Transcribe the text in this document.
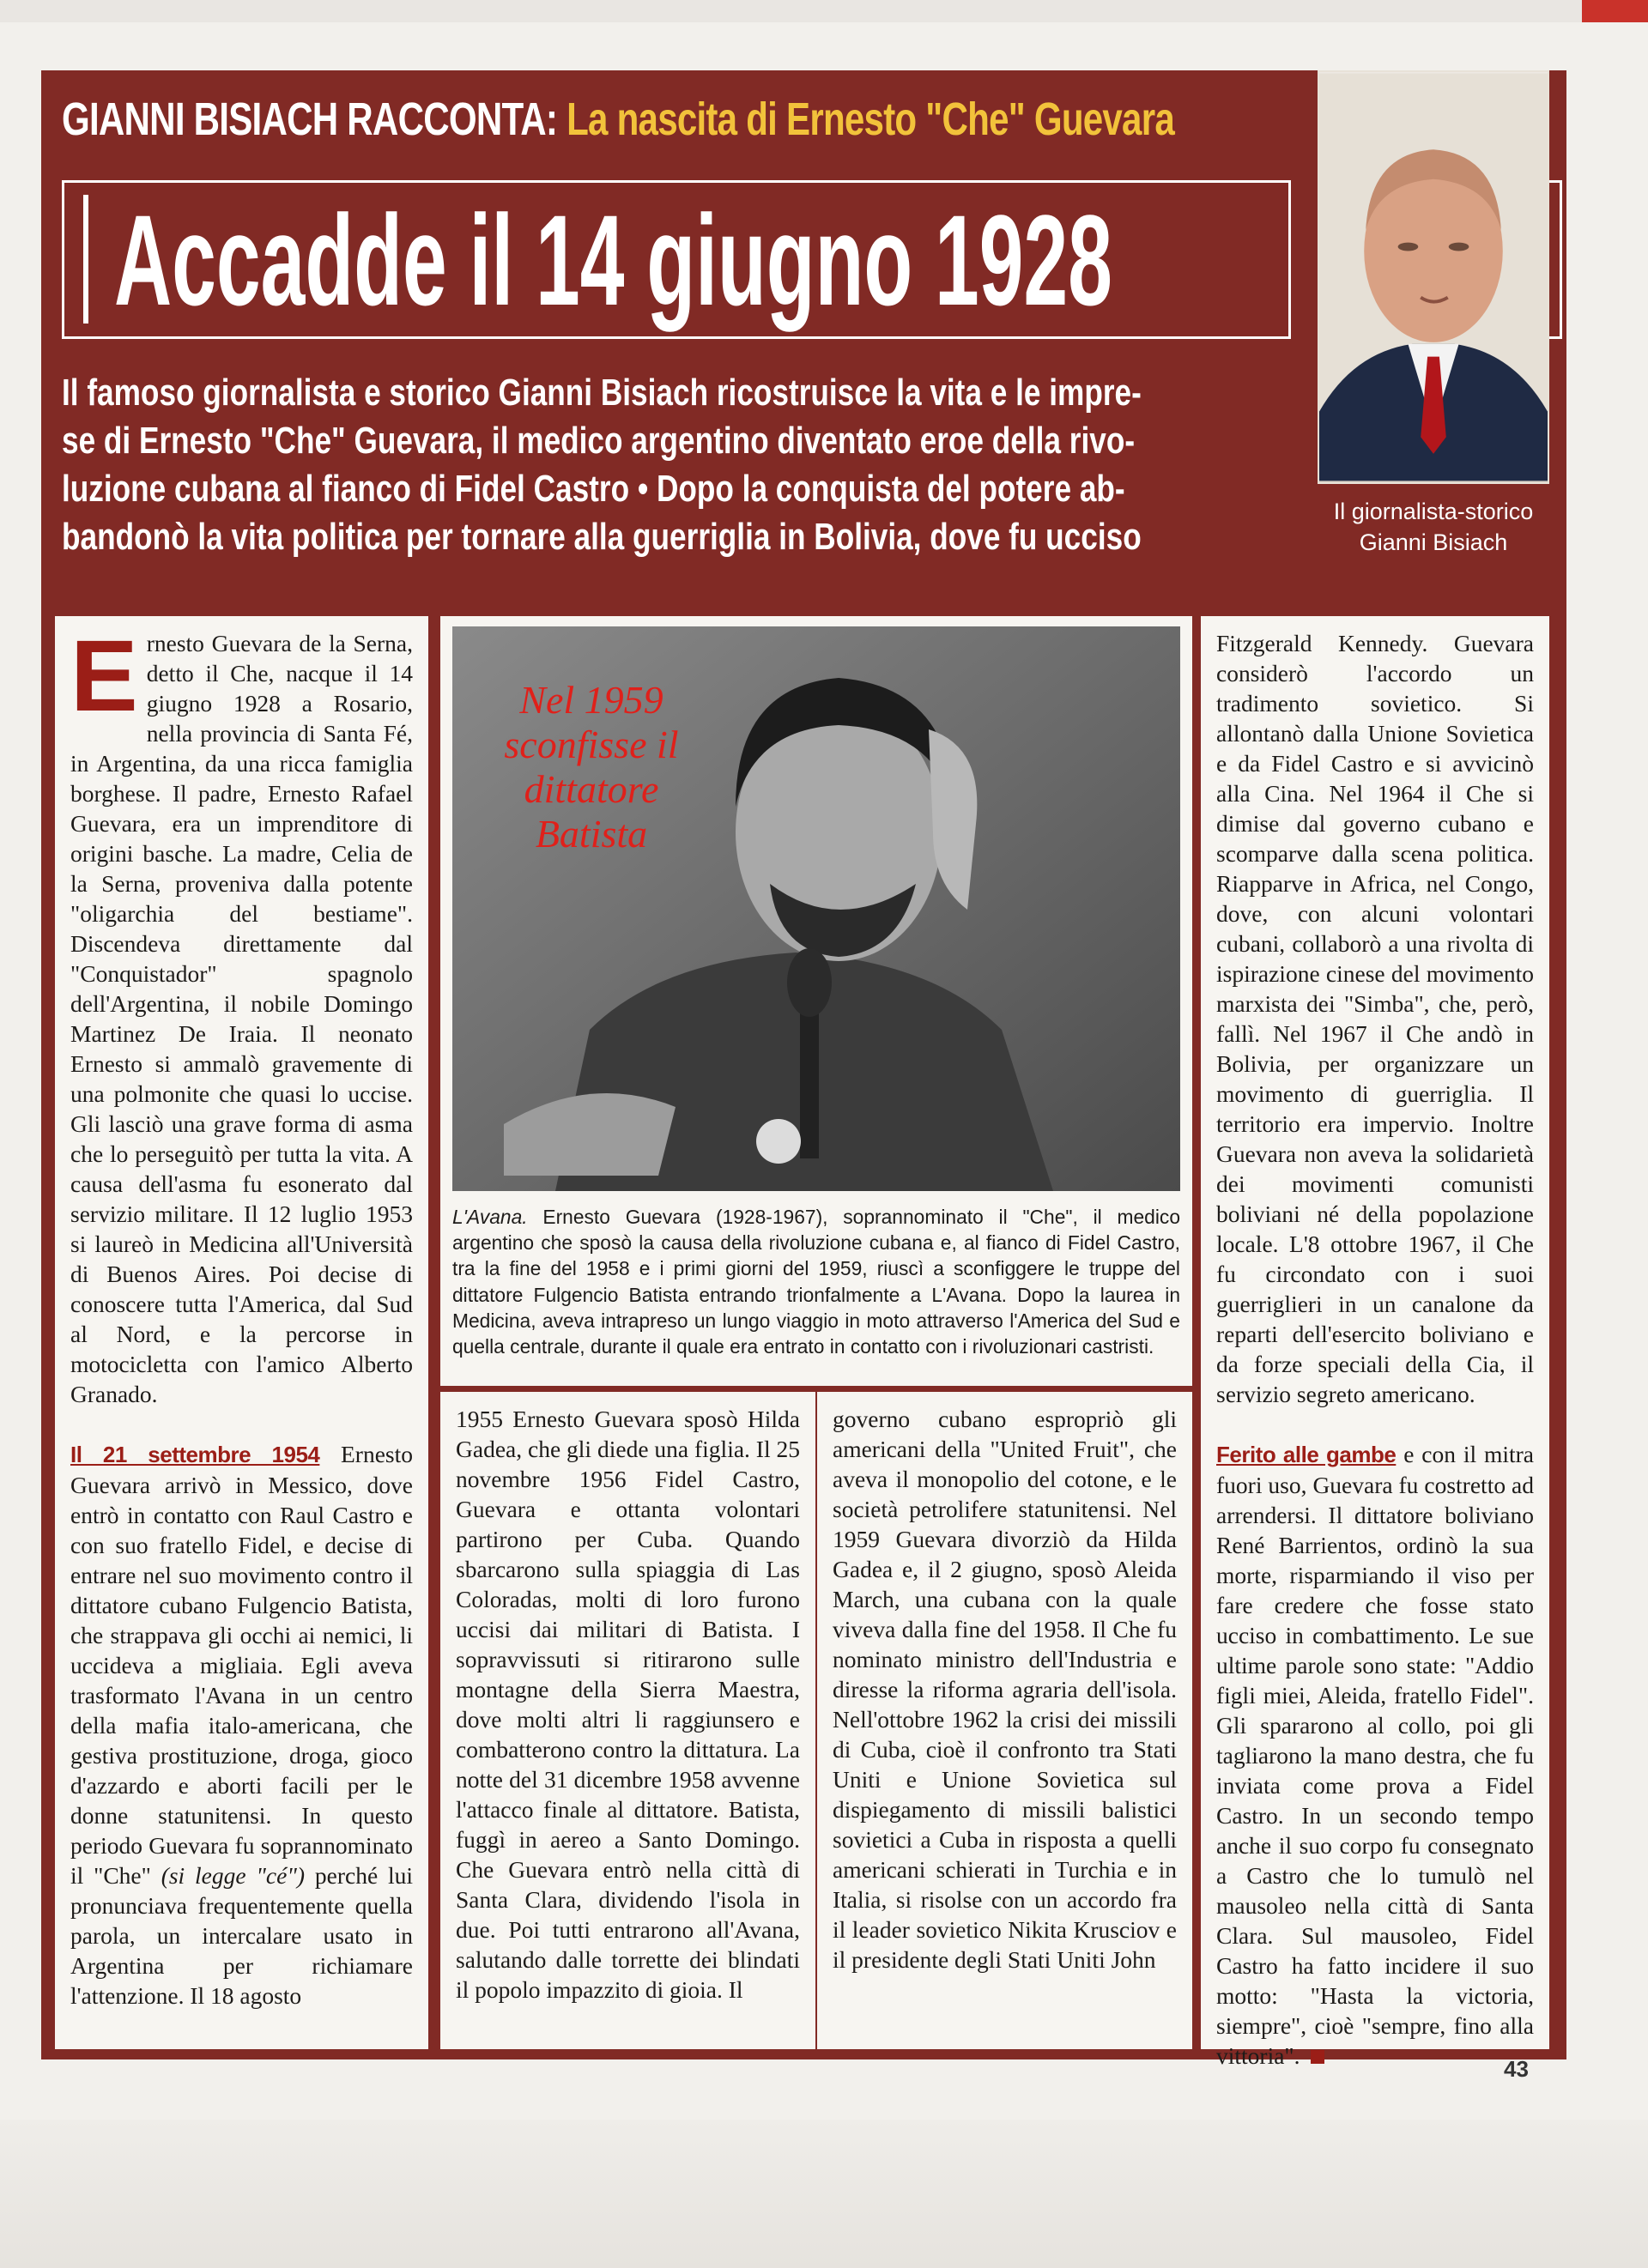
GIANNI BISIACH RACCONTA: La nascita di Ernesto "Che" Guevara
Accadde il 14 giugno 1928
Il famoso giornalista e storico Gianni Bisiach ricostruisce la vita e le impre-
se di Ernesto "Che" Guevara, il medico argentino diventato eroe della rivo-
luzione cubana al fianco di Fidel Castro • Dopo la conquista del potere ab-
bandonò la vita politica per tornare alla guerriglia in Bolivia, dove fu ucciso
Il giornalista-storico
Gianni Bisiach

Ernesto Guevara de la Serna, detto il Che, nacque il 14 giugno 1928 a Rosario, nella provincia di Santa Fé, in Argentina, da una ricca famiglia borghese. Il padre, Ernesto Rafael Guevara, era un imprenditore di origini basche. La madre, Celia de la Serna, proveniva dalla potente "oligarchia del bestiame". Discendeva direttamente dal "Conquistador" spagnolo dell'Argentina, il nobile Domingo Martinez De Iraia. Il neonato Ernesto si ammalò gravemente di una polmonite che quasi lo uccise. Gli lasciò una grave forma di asma che lo perseguitò per tutta la vita. A causa dell'asma fu esonerato dal servizio militare. Il 12 luglio 1953 si laureò in Medicina all'Università di Buenos Aires. Poi decise di conoscere tutta l'America, dal Sud al Nord, e la percorse in motocicletta con l'amico Alberto Granado.

Il 21 settembre 1954 Ernesto Guevara arrivò in Messico, dove entrò in contatto con Raul Castro e con suo fratello Fidel, e decise di entrare nel suo movimento contro il dittatore cubano Fulgencio Batista, che strappava gli occhi ai nemici, li uccideva a migliaia. Egli aveva trasformato l'Avana in un centro della mafia italo-americana, che gestiva prostituzione, droga, gioco d'azzardo e aborti facili per le donne statunitensi. In questo periodo Guevara fu soprannominato il "Che" (si legge "cé") perché lui pronunciava frequentemente quella parola, un intercalare usato in Argentina per richiamare l'attenzione. Il 18 agosto

Nel 1959 sconfisse il dittatore Batista
L'Avana. Ernesto Guevara (1928-1967), soprannominato il "Che", il medico argentino che sposò la causa della rivoluzione cubana e, al fianco di Fidel Castro, tra la fine del 1958 e i primi giorni del 1959, riuscì a sconfiggere le truppe del dittatore Fulgencio Batista entrando trionfalmente a L'Avana. Dopo la laurea in Medicina, aveva intrapreso un lungo viaggio in moto attraverso l'America del Sud e quella centrale, durante il quale era entrato in contatto con i rivoluzionari castristi.
1955 Ernesto Guevara sposò Hilda Gadea, che gli diede una figlia. Il 25 novembre 1956 Fidel Castro, Guevara e ottanta volontari partirono per Cuba. Quando sbarcarono sulla spiaggia di Las Coloradas, molti di loro furono uccisi dai militari di Batista. I sopravvissuti si ritirarono sulle montagne della Sierra Maestra, dove molti altri li raggiunsero e combatterono contro la dittatura. La notte del 31 dicembre 1958 avvenne l'attacco finale al dittatore. Batista, fuggì in aereo a Santo Domingo. Che Guevara entrò nella città di Santa Clara, dividendo l'isola in due. Poi tutti entrarono all'Avana, salutando dalle torrette dei blindati il popolo impazzito di gioia. Il
governo cubano espropriò gli americani della "United Fruit", che aveva il monopolio del cotone, e le società petrolifere statunitensi. Nel 1959 Guevara divorziò da Hilda Gadea e, il 2 giugno, sposò Aleida March, una cubana con la quale viveva dalla fine del 1958. Il Che fu nominato ministro dell'Industria e diresse la riforma agraria dell'isola. Nell'ottobre 1962 la crisi dei missili di Cuba, cioè il confronto tra Stati Uniti e Unione Sovietica sul dispiegamento di missili balistici sovietici a Cuba in risposta a quelli americani schierati in Turchia e in Italia, si risolse con un accordo fra il leader sovietico Nikita Krusciov e il presidente degli Stati Uniti John

Fitzgerald Kennedy. Guevara considerò l'accordo un tradimento sovietico. Si allontanò dalla Unione Sovietica e da Fidel Castro e si avvicinò alla Cina. Nel 1964 il Che si dimise dal governo cubano e scomparve dalla scena politica. Riapparve in Africa, nel Congo, dove, con alcuni volontari cubani, collaborò a una rivolta di ispirazione cinese del movimento marxista dei "Simba", che, però, fallì. Nel 1967 il Che andò in Bolivia, per organizzare un movimento di guerriglia. Il territorio era impervio. Inoltre Guevara non aveva la solidarietà dei movimenti comunisti boliviani né della popolazione locale. L'8 ottobre 1967, il Che fu circondato con i suoi guerriglieri in un canalone da reparti dell'esercito boliviano e da forze speciali della Cia, il servizio segreto americano.

Ferito alle gambe e con il mitra fuori uso, Guevara fu costretto ad arrendersi. Il dittatore boliviano René Barrientos, ordinò la sua morte, risparmiando il viso per fare credere che fosse stato ucciso in combattimento. Le sue ultime parole sono state: "Addio figli miei, Aleida, fratello Fidel". Gli spararono al collo, poi gli tagliarono la mano destra, che fu inviata come prova a Fidel Castro. In un secondo tempo anche il suo corpo fu consegnato a Castro che lo tumulò nel mausoleo nella città di Santa Clara. Sul mausoleo, Fidel Castro ha fatto incidere il suo motto: "Hasta la victoria, siempre", cioè "sempre, fino alla vittoria".	43
